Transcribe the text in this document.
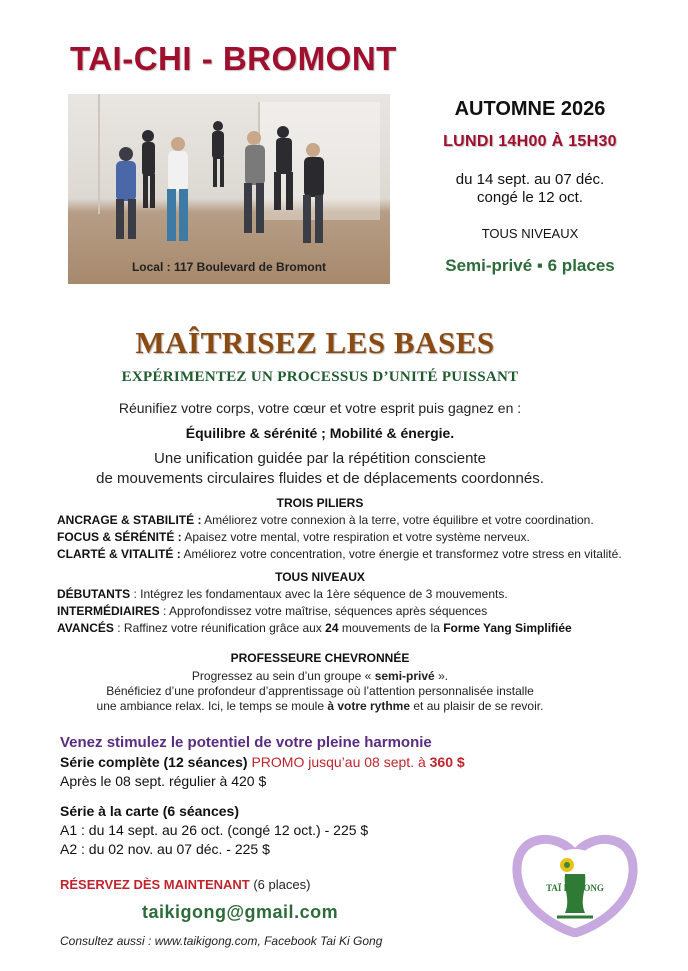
TAI-CHI - BROMONT
Local : 117 Boulevard de Bromont
AUTOMNE 2026
LUNDI 14H00 À 15H30
du 14 sept. au 07 déc.
congé le 12 oct.
TOUS NIVEAUX
Semi-privé ▪ 6 places
MAÎTRISEZ LES BASES
EXPÉRIMENTEZ UN PROCESSUS D’UNITÉ PUISSANT
Réunifiez votre corps, votre cœur et votre esprit puis gagnez en :
Équilibre & sérénité ; Mobilité & énergie.
Une unification guidée par la répétition consciente
de mouvements circulaires fluides et de déplacements coordonnés.
TROIS PILIERS
ANCRAGE & STABILITÉ : Améliorez votre connexion à la terre, votre équilibre et votre coordination.
FOCUS & SÉRÉNITÉ : Apaisez votre mental, votre respiration et votre système nerveux.
CLARTÉ & VITALITÉ : Améliorez votre concentration, votre énergie et transformez votre stress en vitalité.
TOUS NIVEAUX
DÉBUTANTS : Intégrez les fondamentaux avec la 1ère séquence de 3 mouvements.
INTERMÉDIAIRES : Approfondissez votre maîtrise, séquences après séquences
AVANCÉS : Raffinez votre réunification grâce aux 24 mouvements de la Forme Yang Simplifiée
PROFESSEURE CHEVRONNÉE
Progressez au sein d’un groupe « semi-privé ».
Bénéficiez d’une profondeur d’apprentissage où l’attention personnalisée installe
une ambiance relax. Ici, le temps se moule à votre rythme et au plaisir de se revoir.
Venez stimulez le potentiel de votre pleine harmonie
Série complète (12 séances) PROMO jusqu’au 08 sept. à 360 $
Après le 08 sept. régulier à 420 $
Série à la carte (6 séances)
A1 : du 14 sept. au 26 oct. (congé 12 oct.) - 225 $
A2 : du 02 nov. au 07 déc. - 225 $
RÉSERVEZ DÈS MAINTENANT (6 places)
taikigong@gmail.com
Consultez aussi : www.taikigong.com, Facebook Tai Ki Gong
TAÏ KI GONG
